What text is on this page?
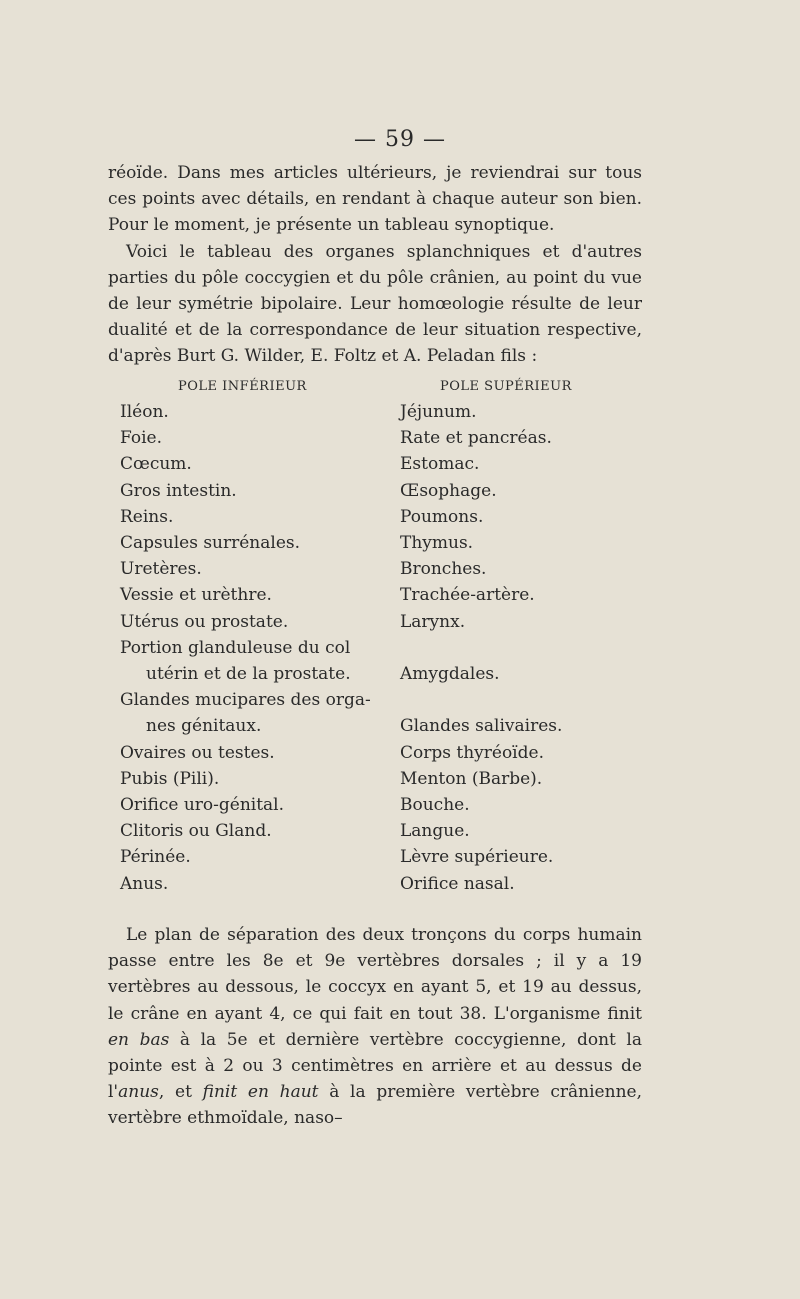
— 59 —

réoïde. Dans mes articles ultérieurs, je reviendrai sur tous ces points avec détails, en rendant à chaque auteur son bien. Pour le moment, je présente un tableau synoptique.

Voici le tableau des organes splanchniques et d'autres parties du pôle coccygien et du pôle crânien, au point du vue de leur symétrie bipolaire. Leur homœologie résulte de leur dualité et de la correspondance de leur situation respective, d'après Burt G. Wilder, E. Foltz et A. Peladan fils :

POLE INFÉRIEUR	POLE SUPÉRIEUR
Iléon.	Jéjunum.
Foie.	Rate et pancréas.
Cœcum.	Estomac.
Gros intestin.	Œsophage.
Reins.	Poumons.
Capsules surrénales.	Thymus.
Uretères.	Bronches.
Vessie et urèthre.	Trachée-artère.
Utérus ou prostate.	Larynx.
Portion glanduleuse du col
utérin et de la prostate.	Amygdales.
Glandes mucipares des orga-
nes génitaux.	Glandes salivaires.
Ovaires ou testes.	Corps thyréoïde.
Pubis (Pili).	Menton (Barbe).
Orifice uro-génital.	Bouche.
Clitoris ou Gland.	Langue.
Périnée.	Lèvre supérieure.
Anus.	Orifice nasal.

Le plan de séparation des deux tronçons du corps humain passe entre les 8e et 9e vertèbres dorsales ; il y a 19 vertèbres au dessous, le coccyx en ayant 5, et 19 au dessus, le crâne en ayant 4, ce qui fait en tout 38. L'organisme finit en bas à la 5e et dernière vertèbre coccygienne, dont la pointe est à 2 ou 3 centimètres en arrière et au dessus de l'anus, et finit en haut à la première vertèbre crânienne, vertèbre ethmoïdale, naso–
